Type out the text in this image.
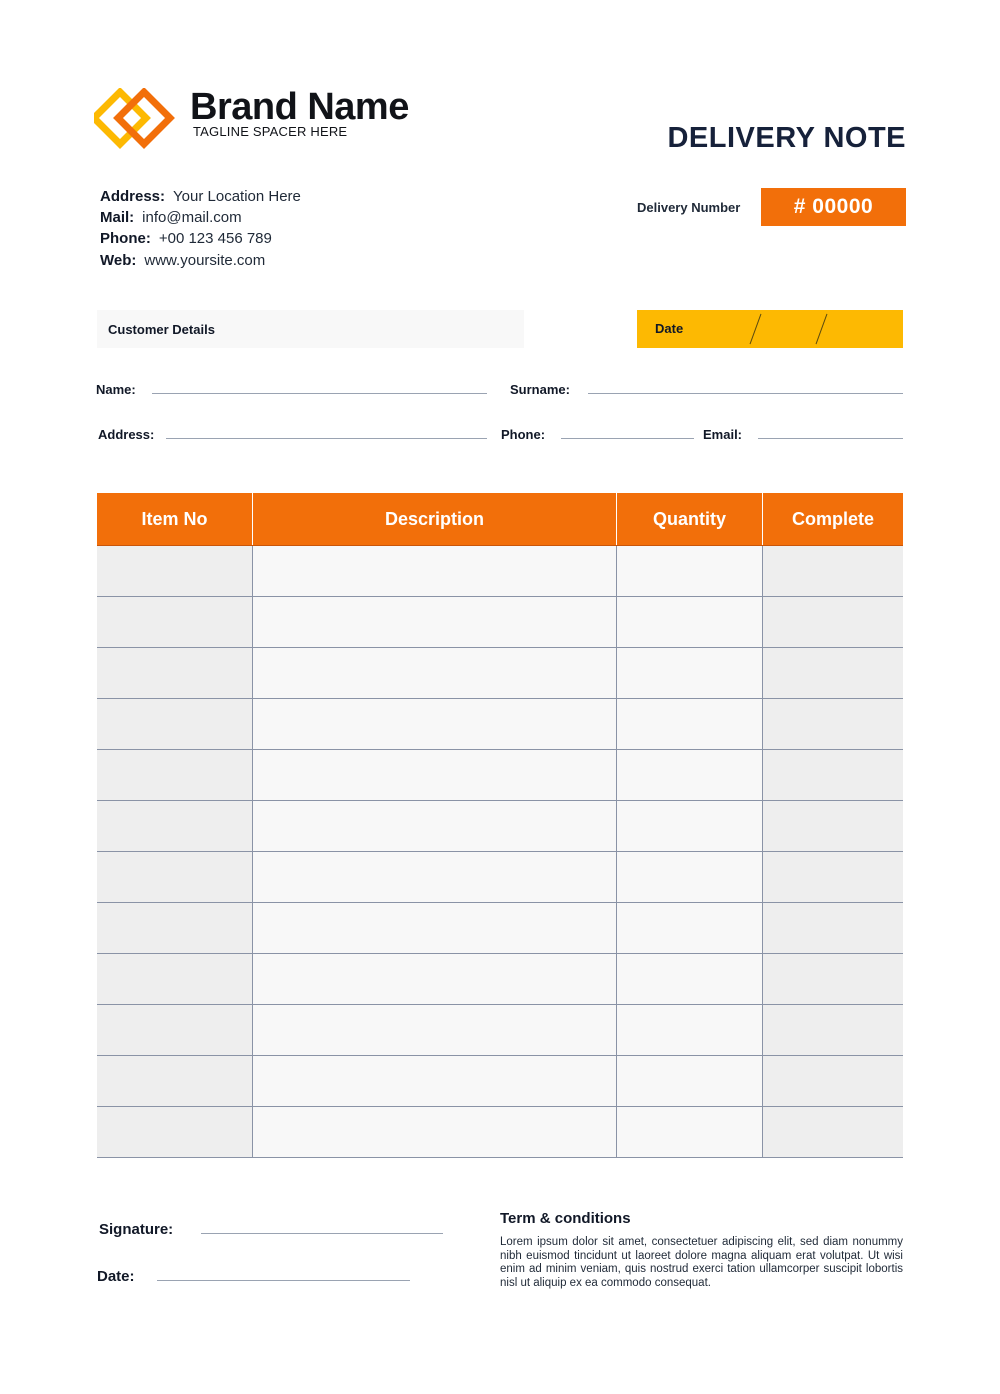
Brand Name
TAGLINE SPACER HERE	DELIVERY NOTE
Address: Your Location Here
Mail: info@mail.com
Phone: +00 123 456 789
Web: www.yoursite.com
Delivery Number	# 00000
Customer Details	Date
Name:	Surname:
Address:	Phone:	Email:
Item No	Description	Quantity	Complete
Signature:
Date:
Term & conditions
Lorem ipsum dolor sit amet, consectetuer adipiscing elit, sed diam nonummy nibh euismod tincidunt ut laoreet dolore magna aliquam erat volutpat. Ut wisi enim ad minim veniam, quis nostrud exerci tation ullamcorper suscipit lobortis nisl ut aliquip ex ea commodo consequat.
